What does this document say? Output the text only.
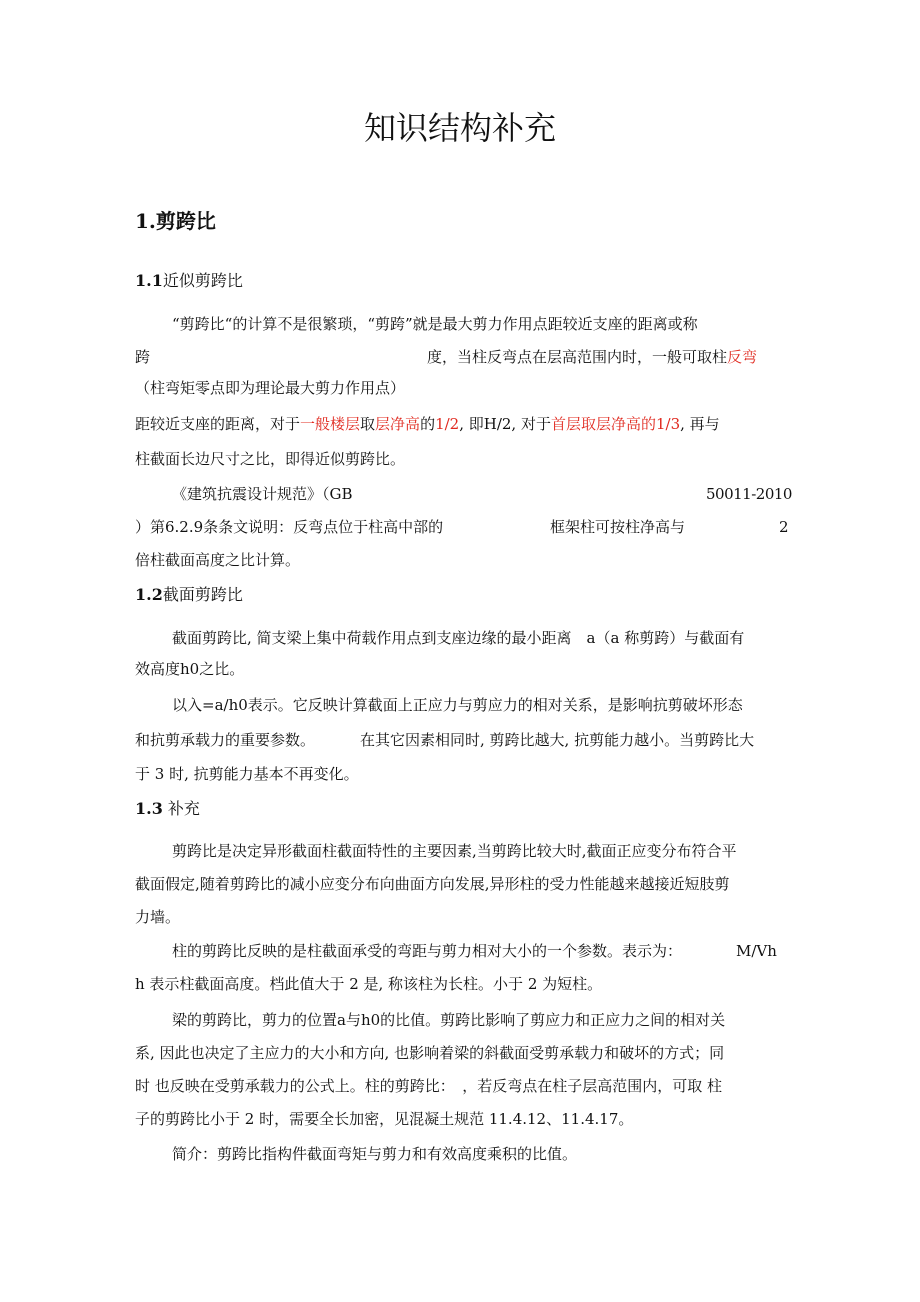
知识结构补充
1.剪跨比
1.1近似剪跨比
“剪跨比“的计算不是很繁琐，“剪跨”就是最大剪力作用点距较近支座的距离或称
跨	度，当柱反弯点在层高范围内时，一般可取柱反弯
（柱弯矩零点即为理论最大剪力作用点）
距较近支座的距离，对于一般楼层取层净高的1/2, 即H/2, 对于首层取层净高的1/3, 再与
柱截面长边尺寸之比，即得近似剪跨比。
《建筑抗震设计规范》（GB	50011-2010
）第6.2.9条条文说明：反弯点位于柱高中部的	框架柱可按柱净高与	2
倍柱截面高度之比计算。
1.2截面剪跨比
截面剪跨比, 简支梁上集中荷载作用点到支座边缘的最小距离　a（a 称剪跨）与截面有
效高度h0之比。
以入=a/h0表示。它反映计算截面上正应力与剪应力的相对关系，是影响抗剪破坏形态
和抗剪承载力的重要参数。	在其它因素相同时, 剪跨比越大, 抗剪能力越小。当剪跨比大
于 3 时, 抗剪能力基本不再变化。
1.3 补充
剪跨比是决定异形截面柱截面特性的主要因素,当剪跨比较大时,截面正应变分布符合平
截面假定,随着剪跨比的减小应变分布向曲面方向发展,异形柱的受力性能越来越接近短肢剪
力墙。
柱的剪跨比反映的是柱截面承受的弯距与剪力相对大小的一个参数。表示为：	M/Vh
h 表示柱截面高度。档此值大于 2 是, 称该柱为长柱。小于 2 为短柱。
梁的剪跨比，剪力的位置a与h0的比值。剪跨比影响了剪应力和正应力之间的相对关
系, 因此也决定了主应力的大小和方向, 也影响着梁的斜截面受剪承载力和破坏的方式；同
时 也反映在受剪承载力的公式上。柱的剪跨比：　，若反弯点在柱子层高范围内，可取 柱
子的剪跨比小于 2 时，需要全长加密，见混凝土规范 11.4.12、11.4.17。
简介：剪跨比指构件截面弯矩与剪力和有效高度乘积的比值。
